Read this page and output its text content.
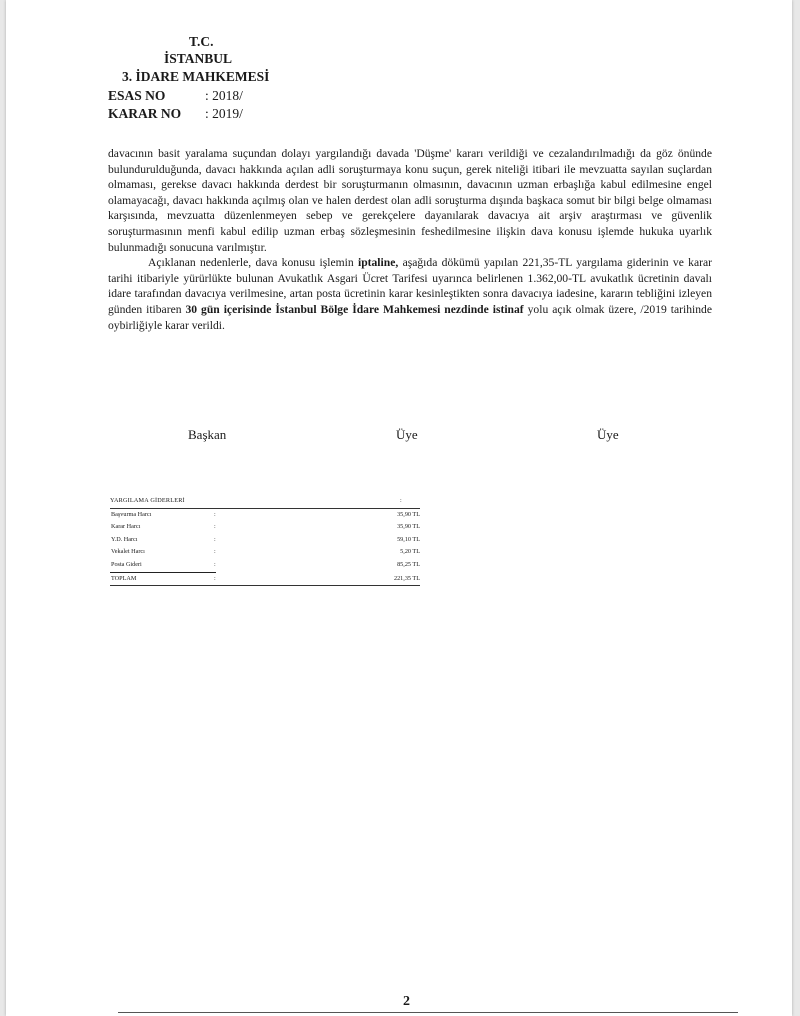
T.C.
İSTANBUL
3. İDARE MAHKEMESİ
ESAS NO	: 2018/
KARAR NO : 2019/

davacının basit yaralama suçundan dolayı yargılandığı davada 'Düşme' kararı verildiği ve cezalandırılmadığı da göz önünde bulundurulduğunda, davacı hakkında açılan adli soruşturmaya konu suçun, gerek niteliği itibari ile mevzuatta sayılan suçlardan olmaması, gerekse davacı hakkında derdest bir soruşturmanın olmasının, davacının uzman erbaşlığa kabul edilmesine engel olamayacağı, davacı hakkında açılmış olan ve halen derdest olan adli soruşturma dışında başkaca somut bir bilgi belge olmaması karşısında, mevzuatta düzenlenmeyen sebep ve gerekçelere dayanılarak davacıya ait arşiv araştırması ve güvenlik soruşturmasının menfi kabul edilip uzman erbaş sözleşmesinin feshedilmesine ilişkin dava konusu işlemde hukuka uyarlık bulunmadığı sonucuna varılmıştır.

Açıklanan nedenlerle, dava konusu işlemin iptaline, aşağıda dökümü yapılan 221,35-TL yargılama giderinin ve karar tarihi itibariyle yürürlükte bulunan Avukatlık Asgari Ücret Tarifesi uyarınca belirlenen 1.362,00-TL avukatlık ücretinin davalı idare tarafından davacıya verilmesine, artan posta ücretinin karar kesinleştikten sonra davacıya iadesine, kararın tebliğini izleyen günden itibaren 30 gün içerisinde İstanbul Bölge İdare Mahkemesi nezdinde istinaf yolu açık olmak üzere, /2019 tarihinde oybirliğiyle karar verildi.

Başkan	Üye	Üye
YARGILAMA GİDERLERİ	:
Başvurma Harcı	:	35,90 TL
Karar Harcı	:	35,90 TL
Y.D. Harcı	:	59,10 TL
Vekalet Harcı	:	5,20 TL
Posta Gideri	:	85,25 TL
TOPLAM	:	221,35 TL
2
